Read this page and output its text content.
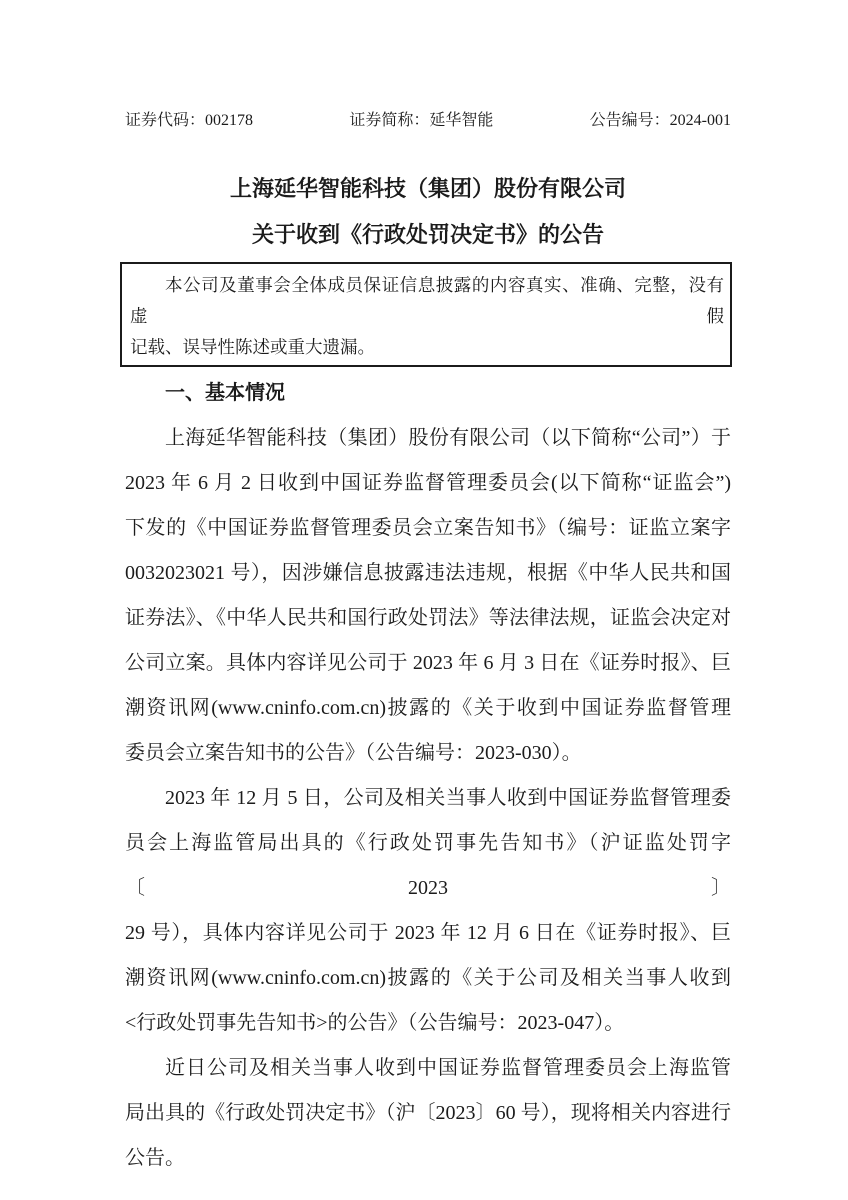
证券代码：002178	证券简称：延华智能	公告编号：2024-001
上海延华智能科技（集团）股份有限公司
关于收到《行政处罚决定书》的公告
本公司及董事会全体成员保证信息披露的内容真实、准确、完整，没有虚假
记载、误导性陈述或重大遗漏。
一、基本情况
上海延华智能科技（集团）股份有限公司（以下简称“公司”）于
2023 年 6 月 2 日收到中国证券监督管理委员会(以下简称“证监会”)
下发的《中国证券监督管理委员会立案告知书》（编号：证监立案字
0032023021 号），因涉嫌信息披露违法违规，根据《中华人民共和国
证券法》、《中华人民共和国行政处罚法》等法律法规，证监会决定对
公司立案。具体内容详见公司于 2023 年 6 月 3 日在《证券时报》、巨
潮资讯网(www.cninfo.com.cn)披露的《关于收到中国证券监督管理
委员会立案告知书的公告》（公告编号：2023-030）。
2023 年 12 月 5 日，公司及相关当事人收到中国证券监督管理委
员会上海监管局出具的《行政处罚事先告知书》（沪证监处罚字〔2023〕
29 号），具体内容详见公司于 2023 年 12 月 6 日在《证券时报》、巨
潮资讯网(www.cninfo.com.cn)披露的《关于公司及相关当事人收到
<行政处罚事先告知书>的公告》（公告编号：2023-047）。
近日公司及相关当事人收到中国证券监督管理委员会上海监管
局出具的《行政处罚决定书》（沪〔2023〕60 号），现将相关内容进行
公告。
